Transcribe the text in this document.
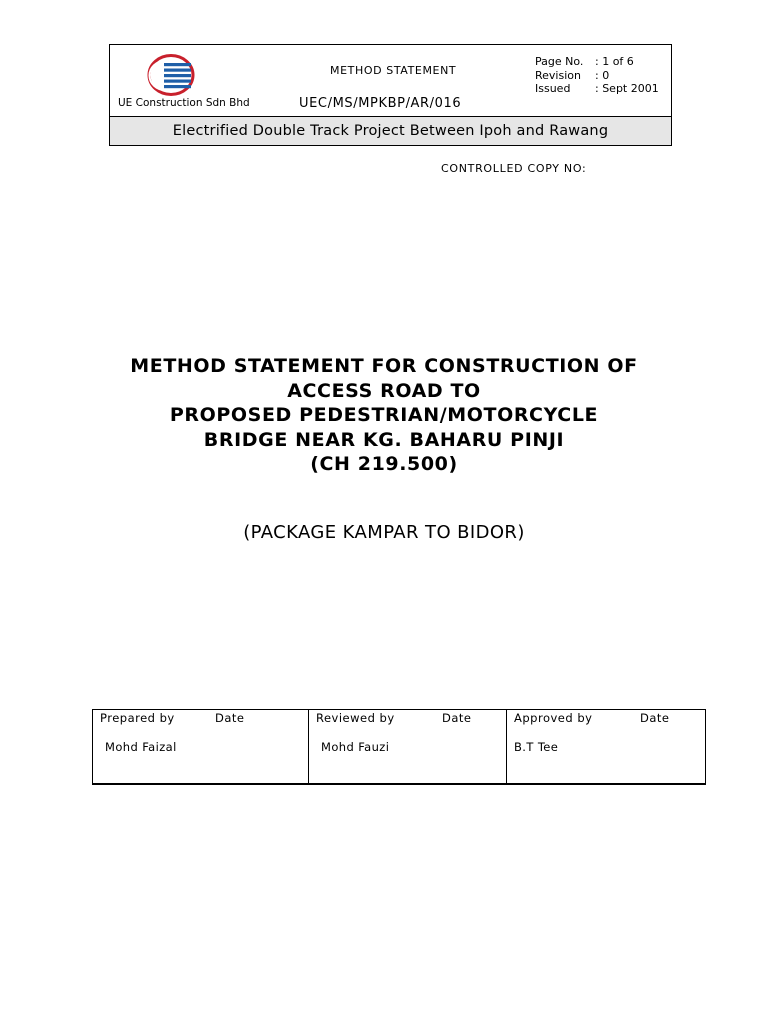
UE Construction Sdn Bhd
METHOD STATEMENT
UEC/MS/MPKBP/AR/016
Page No.	: 1 of 6
Revision	: 0
Issued	: Sept 2001
Electrified Double Track Project Between Ipoh and Rawang
CONTROLLED COPY NO:
METHOD STATEMENT FOR CONSTRUCTION OF
ACCESS ROAD TO
PROPOSED PEDESTRIAN/MOTORCYCLE
BRIDGE NEAR KG. BAHARU PINJI
(CH 219.500)
(PACKAGE KAMPAR TO BIDOR)
Prepared by	Date
Mohd Faizal
Reviewed by	Date
Mohd Fauzi
Approved by	Date
B.T Tee
